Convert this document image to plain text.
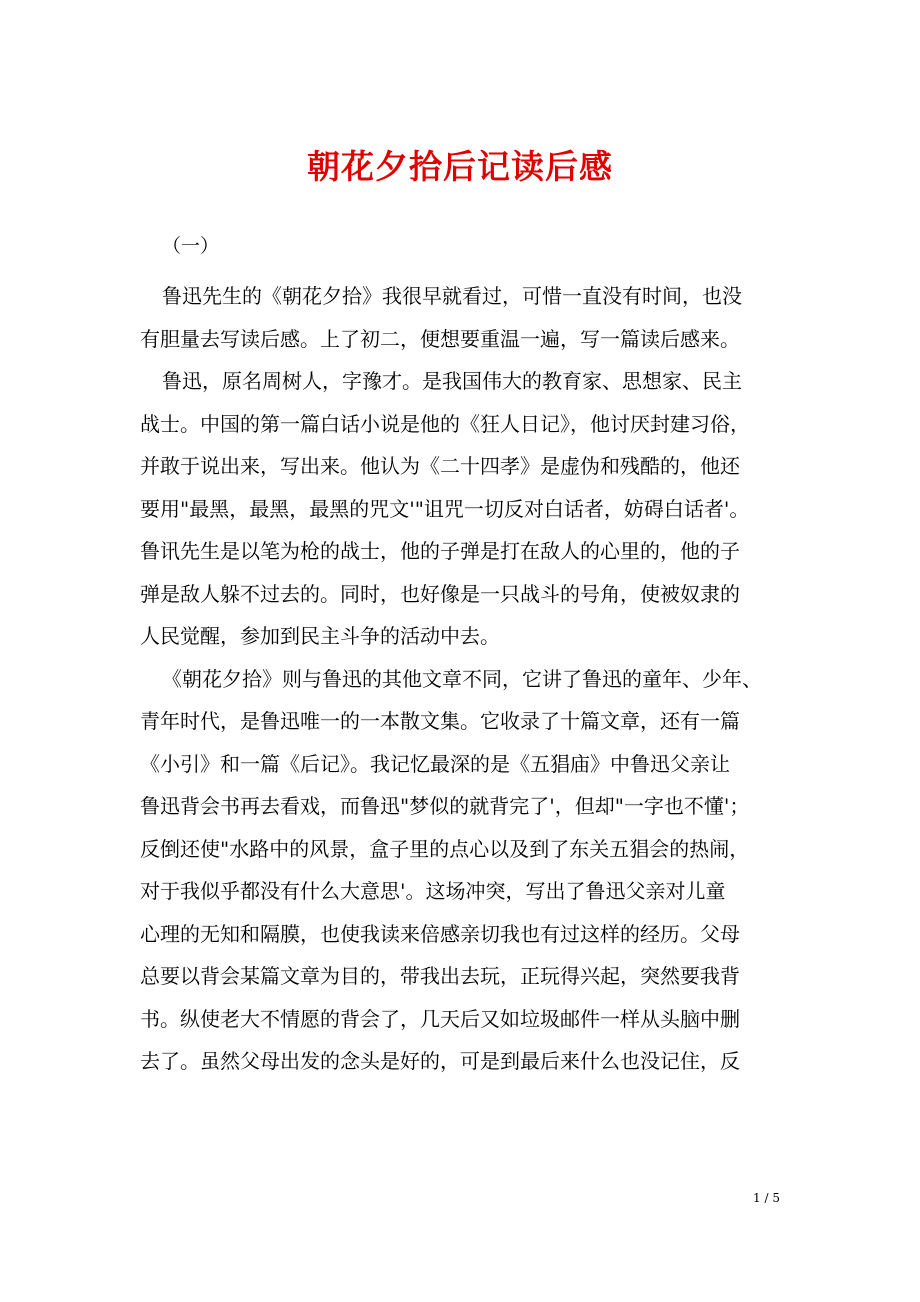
朝花夕拾后记读后感

（一）

鲁迅先生的《朝花夕拾》我很早就看过，可惜一直没有时间，也没
有胆量去写读后感。上了初二，便想要重温一遍，写一篇读后感来。

鲁迅，原名周树人，字豫才。是我国伟大的教育家、思想家、民主
战士。中国的第一篇白话小说是他的《狂人日记》，他讨厌封建习俗，
并敢于说出来，写出来。他认为《二十四孝》是虚伪和残酷的，他还
要用"最黑，最黑，最黑的咒文'"诅咒一切反对白话者，妨碍白话者'。
鲁讯先生是以笔为枪的战士，他的子弹是打在敌人的心里的，他的子
弹是敌人躲不过去的。同时，也好像是一只战斗的号角，使被奴隶的
人民觉醒，参加到民主斗争的活动中去。

《朝花夕拾》则与鲁迅的其他文章不同，它讲了鲁迅的童年、少年、
青年时代，是鲁迅唯一的一本散文集。它收录了十篇文章，还有一篇
《小引》和一篇《后记》。我记忆最深的是《五猖庙》中鲁迅父亲让
鲁迅背会书再去看戏，而鲁迅"梦似的就背完了'，但却"一字也不懂'；
反倒还使"水路中的风景，盒子里的点心以及到了东关五猖会的热闹，
对于我似乎都没有什么大意思'。这场冲突，写出了鲁迅父亲对儿童
心理的无知和隔膜，也使我读来倍感亲切我也有过这样的经历。父母
总要以背会某篇文章为目的，带我出去玩，正玩得兴起，突然要我背
书。纵使老大不情愿的背会了，几天后又如垃圾邮件一样从头脑中删
去了。虽然父母出发的念头是好的，可是到最后来什么也没记住，反

1 / 5
